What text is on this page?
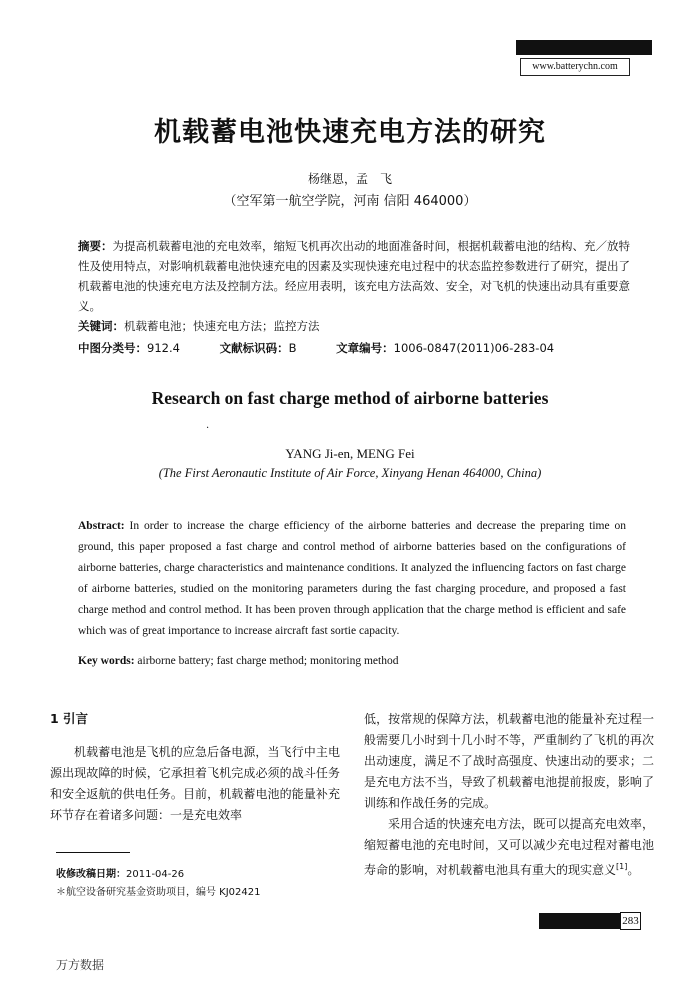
www.batterychn.com
机载蓄电池快速充电方法的研究
杨继恩，孟　飞
（空军第一航空学院，河南 信阳 464000）
摘要：为提高机载蓄电池的充电效率，缩短飞机再次出动的地面准备时间，根据机载蓄电池的结构、充／放特性及使用特点，对影响机载蓄电池快速充电的因素及实现快速充电过程中的状态监控参数进行了研究，提出了机载蓄电池的快速充电方法及控制方法。经应用表明，该充电方法高效、安全，对飞机的快速出动具有重要意义。
关键词：机载蓄电池；快速充电方法；监控方法
中图分类号：912.4	文献标识码：B	文章编号：1006-0847(2011)06-283-04
Research on fast charge method of airborne batteries
.
YANG Ji-en, MENG Fei
(The First Aeronautic Institute of Air Force, Xinyang Henan 464000, China)
Abstract: In order to increase the charge efficiency of the airborne batteries and decrease the preparing time on ground, this paper proposed a fast charge and control method of airborne batteries based on the configurations of airborne batteries, charge characteristics and maintenance conditions. It analyzed the influencing factors on fast charge of airborne batteries, studied on the monitoring parameters during the fast charging procedure, and proposed a fast charge method and control method. It has been proven through application that the charge method is efficient and safe which was of great importance to increase aircraft fast sortie capacity.
Key words: airborne battery; fast charge method; monitoring method
1 引言

机载蓄电池是飞机的应急后备电源，当飞行中主电源出现故障的时候，它承担着飞机完成必须的战斗任务和安全返航的供电任务。目前，机载蓄电池的能量补充环节存在着诸多问题：一是充电效率

低，按常规的保障方法，机载蓄电池的能量补充过程一般需要几小时到十几小时不等，严重制约了飞机的再次出动速度，满足不了战时高强度、快速出动的要求；二是充电方法不当，导致了机载蓄电池提前报废，影响了训练和作战任务的完成。

采用合适的快速充电方法，既可以提高充电效率，缩短蓄电池的充电时间，又可以减少充电过程对蓄电池寿命的影响，对机载蓄电池具有重大的现实意义[1]。

收修改稿日期：2011-04-26
＊航空设备研究基金资助项目，编号 KJ02421
283
万方数据
